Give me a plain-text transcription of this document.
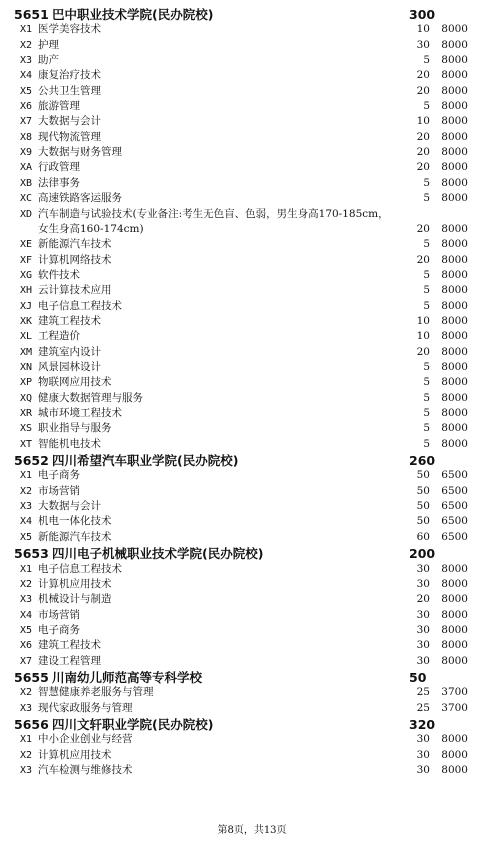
5651 巴中职业技术学院(民办院校)	300
X1 医学美容技术	10	8000
X2 护理	30	8000
X3 助产	5	8000
X4 康复治疗技术	20	8000
X5 公共卫生管理	20	8000
X6 旅游管理	5	8000
X7 大数据与会计	10	8000
X8 现代物流管理	20	8000
X9 大数据与财务管理	20	8000
XA 行政管理	20	8000
XB 法律事务	5	8000
XC 高速铁路客运服务	5	8000
XD 汽车制造与试验技术(专业备注:考生无色盲、色弱，男生身高170-185cm，女生身高160-174cm)	20	8000
XE 新能源汽车技术	5	8000
XF 计算机网络技术	20	8000
XG 软件技术	5	8000
XH 云计算技术应用	5	8000
XJ 电子信息工程技术	5	8000
XK 建筑工程技术	10	8000
XL 工程造价	10	8000
XM 建筑室内设计	20	8000
XN 风景园林设计	5	8000
XP 物联网应用技术	5	8000
XQ 健康大数据管理与服务	5	8000
XR 城市环境工程技术	5	8000
XS 职业指导与服务	5	8000
XT 智能机电技术	5	8000
5652 四川希望汽车职业学院(民办院校)	260
X1 电子商务	50	6500
X2 市场营销	50	6500
X3 大数据与会计	50	6500
X4 机电一体化技术	50	6500
X5 新能源汽车技术	60	6500
5653 四川电子机械职业技术学院(民办院校)	200
X1 电子信息工程技术	30	8000
X2 计算机应用技术	30	8000
X3 机械设计与制造	20	8000
X4 市场营销	30	8000
X5 电子商务	30	8000
X6 建筑工程技术	30	8000
X7 建设工程管理	30	8000
5655 川南幼儿师范高等专科学校	50
X2 智慧健康养老服务与管理	25	3700
X3 现代家政服务与管理	25	3700
5656 四川文轩职业学院(民办院校)	320
X1 中小企业创业与经营	30	8000
X2 计算机应用技术	30	8000
X3 汽车检测与维修技术	30	8000
第8页，共13页
